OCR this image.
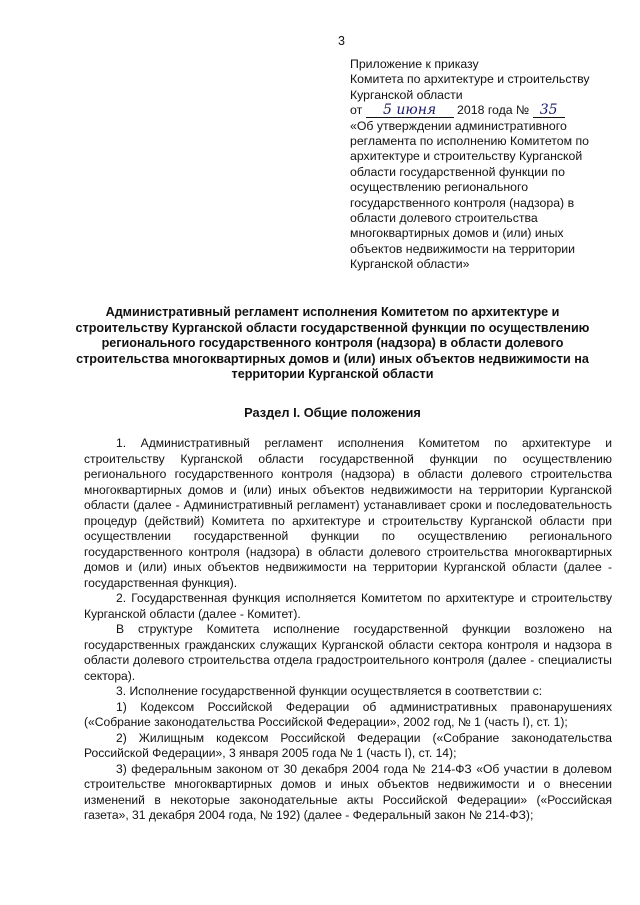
3
Приложение к приказу
Комитета по архитектуре и строительству
Курганской области
от 5 июня 2018 года № 35
«Об утверждении административного
регламента по исполнению Комитетом по
архитектуре и строительству Курганской
области государственной функции по
осуществлению регионального
государственного контроля (надзора) в
области долевого строительства
многоквартирных домов и (или) иных
объектов недвижимости на территории
Курганской области»
Административный регламент исполнения Комитетом по архитектуре и строительству Курганской области государственной функции по осуществлению регионального государственного контроля (надзора) в области долевого строительства многоквартирных домов и (или) иных объектов недвижимости на территории Курганской области
Раздел I. Общие положения

1. Административный регламент исполнения Комитетом по архитектуре и строительству Курганской области государственной функции по осуществлению регионального государственного контроля (надзора) в области долевого строительства многоквартирных домов и (или) иных объектов недвижимости на территории Курганской области (далее - Административный регламент) устанавливает сроки и последовательность процедур (действий) Комитета по архитектуре и строительству Курганской области при осуществлении государственной функции по осуществлению регионального государственного контроля (надзора) в области долевого строительства многоквартирных домов и (или) иных объектов недвижимости на территории Курганской области (далее - государственная функция).

2. Государственная функция исполняется Комитетом по архитектуре и строительству Курганской области (далее - Комитет).

В структуре Комитета исполнение государственной функции возложено на государственных гражданских служащих Курганской области сектора контроля и надзора в области долевого строительства отдела градостроительного контроля (далее - специалисты сектора).

3. Исполнение государственной функции осуществляется в соответствии с:

1) Кодексом Российской Федерации об административных правонарушениях («Собрание законодательства Российской Федерации», 2002 год, № 1 (часть I), ст. 1);

2) Жилищным кодексом Российской Федерации («Собрание законодательства Российской Федерации», 3 января 2005 года № 1 (часть I), ст. 14);

3) федеральным законом от 30 декабря 2004 года № 214-ФЗ «Об участии в долевом строительстве многоквартирных домов и иных объектов недвижимости и о внесении изменений в некоторые законодательные акты Российской Федерации» («Российская газета», 31 декабря 2004 года, № 192) (далее - Федеральный закон № 214-ФЗ);
